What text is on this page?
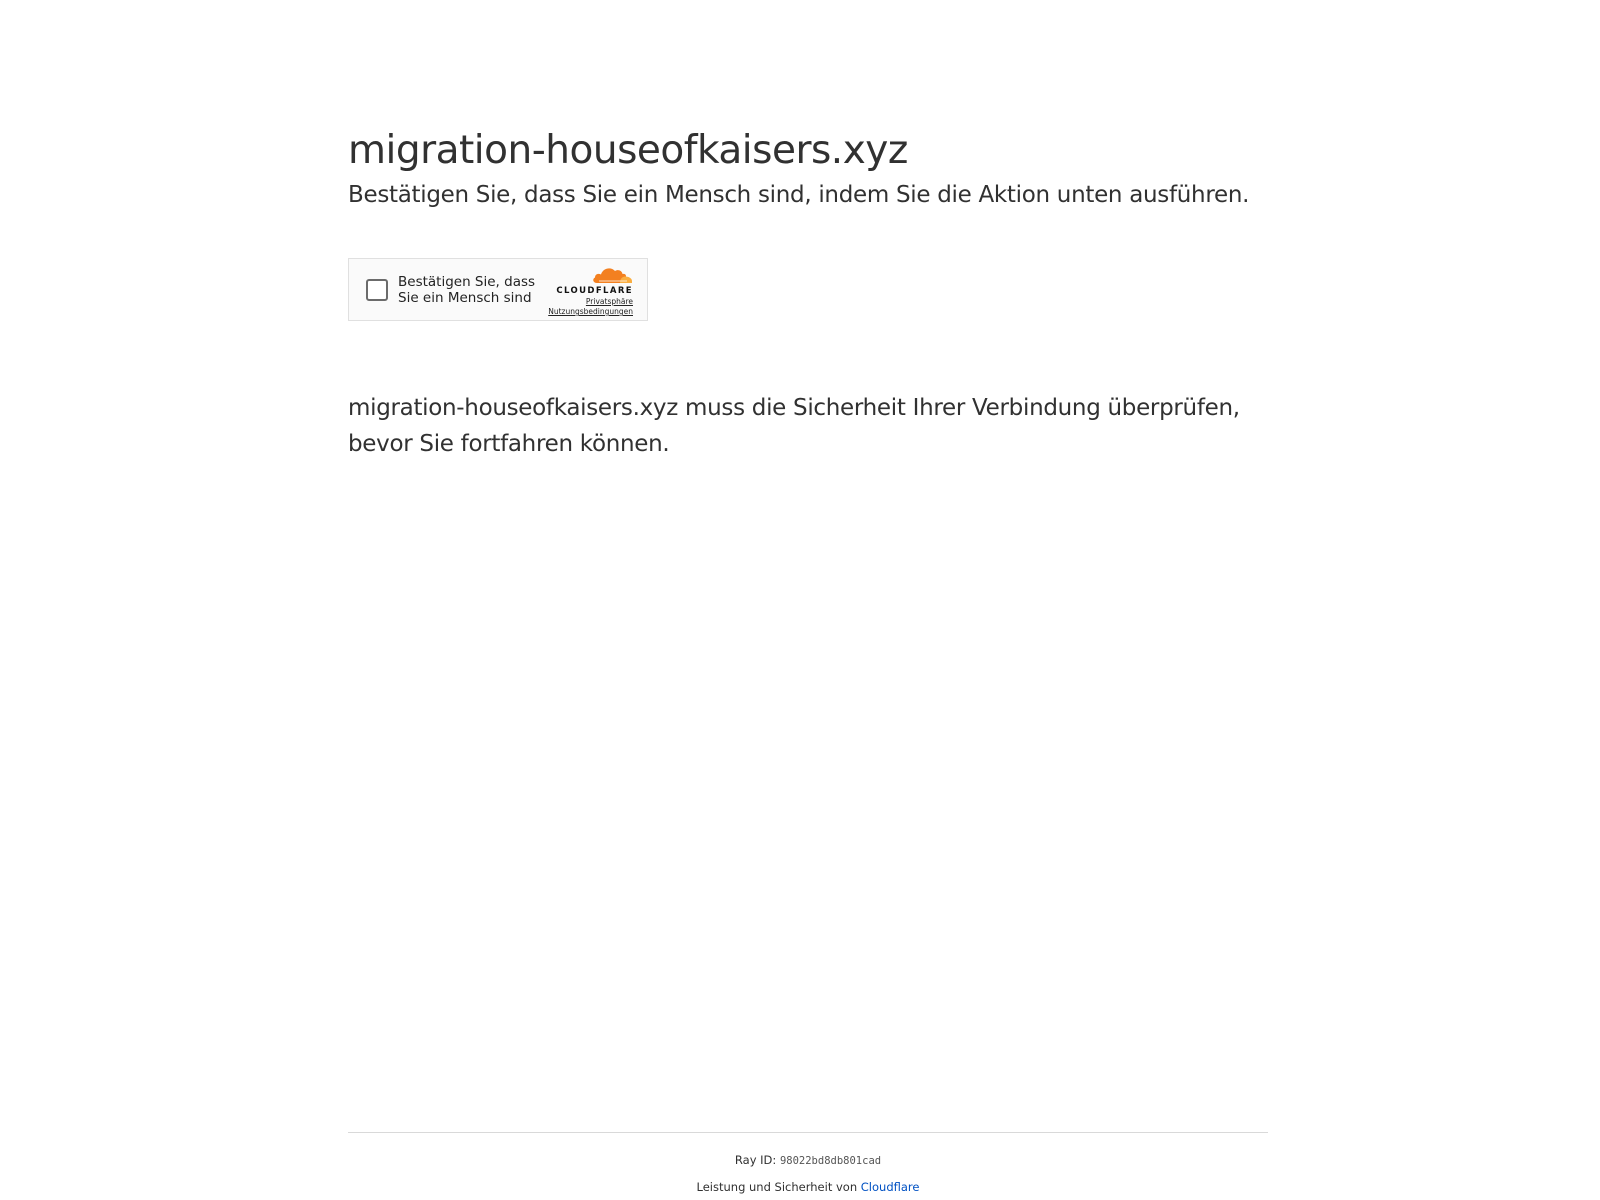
migration-houseofkaisers.xyz

Bestätigen Sie, dass Sie ein Mensch sind, indem Sie die Aktion unten ausführen.

Bestätigen Sie, dass Sie ein Mensch sind	CLOUDFLARE
Privatsphäre
Nutzungsbedingungen

migration-houseofkaisers.xyz muss die Sicherheit Ihrer Verbindung überprüfen, bevor Sie fortfahren können.

Ray ID: 98022bd8db801cad
Leistung und Sicherheit von Cloudflare
